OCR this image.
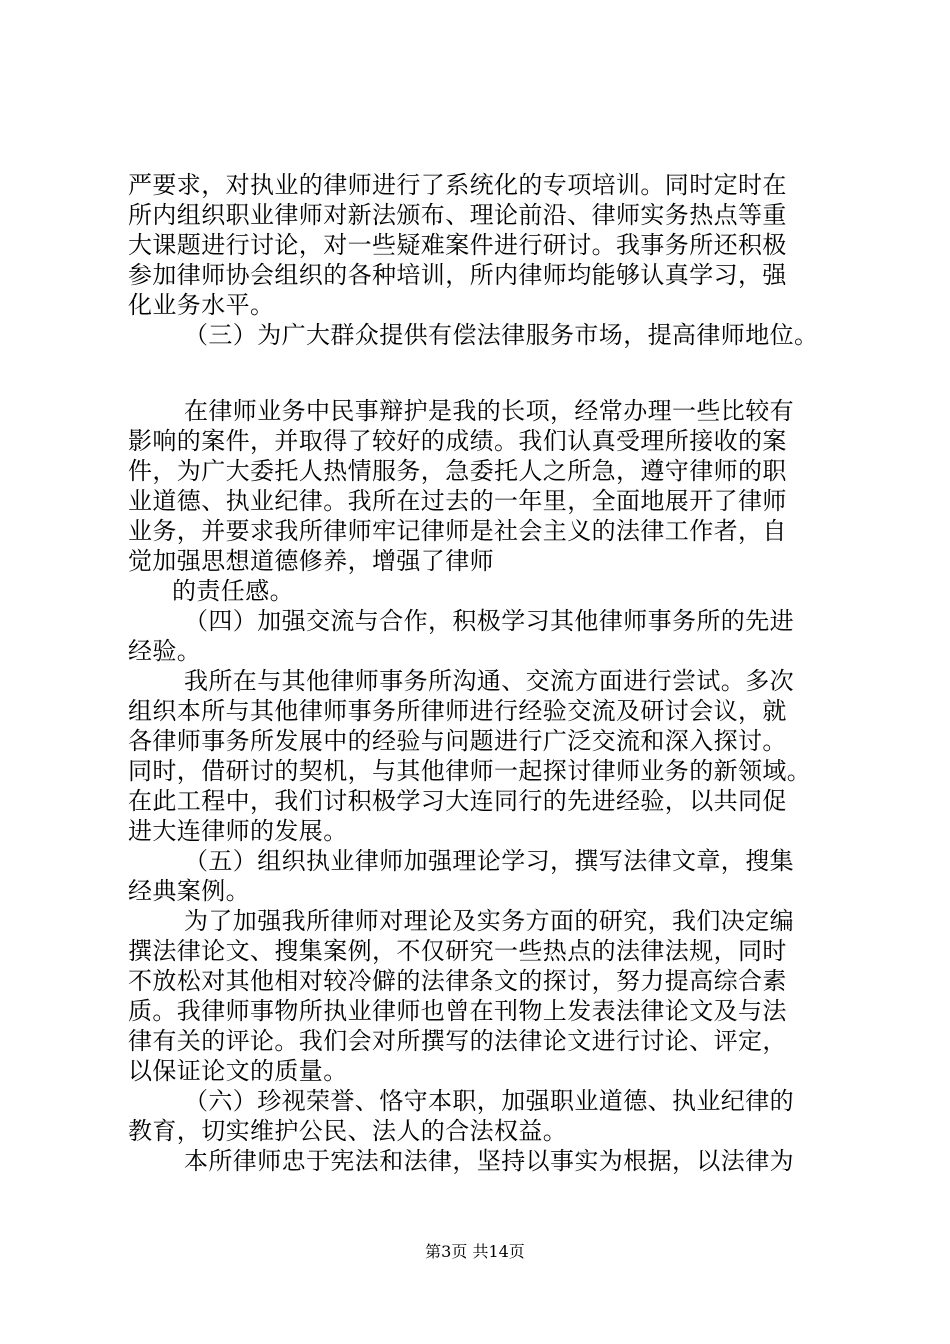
严要求，对执业的律师进行了系统化的专项培训。同时定时在
所内组织职业律师对新法颁布、理论前沿、律师实务热点等重
大课题进行讨论，对一些疑难案件进行研讨。我事务所还积极
参加律师协会组织的各种培训，所内律师均能够认真学习，强
化业务水平。
（三）为广大群众提供有偿法律服务市场，提高律师地位。
在律师业务中民事辩护是我的长项，经常办理一些比较有
影响的案件，并取得了较好的成绩。我们认真受理所接收的案
件，为广大委托人热情服务，急委托人之所急，遵守律师的职
业道德、执业纪律。我所在过去的一年里，全面地展开了律师
业务，并要求我所律师牢记律师是社会主义的法律工作者，自
觉加强思想道德修养，增强了律师
的责任感。
（四）加强交流与合作，积极学习其他律师事务所的先进
经验。
我所在与其他律师事务所沟通、交流方面进行尝试。多次
组织本所与其他律师事务所律师进行经验交流及研讨会议，就
各律师事务所发展中的经验与问题进行广泛交流和深入探讨。
同时，借研讨的契机，与其他律师一起探讨律师业务的新领域。
在此工程中，我们讨积极学习大连同行的先进经验，以共同促
进大连律师的发展。
（五）组织执业律师加强理论学习，撰写法律文章，搜集
经典案例。
为了加强我所律师对理论及实务方面的研究，我们决定编
撰法律论文、搜集案例，不仅研究一些热点的法律法规，同时
不放松对其他相对较冷僻的法律条文的探讨，努力提高综合素
质。我律师事物所执业律师也曾在刊物上发表法律论文及与法
律有关的评论。我们会对所撰写的法律论文进行讨论、评定，
以保证论文的质量。
（六）珍视荣誉、恪守本职，加强职业道德、执业纪律的
教育，切实维护公民、法人的合法权益。
本所律师忠于宪法和法律，坚持以事实为根据，以法律为
第3页 共14页
